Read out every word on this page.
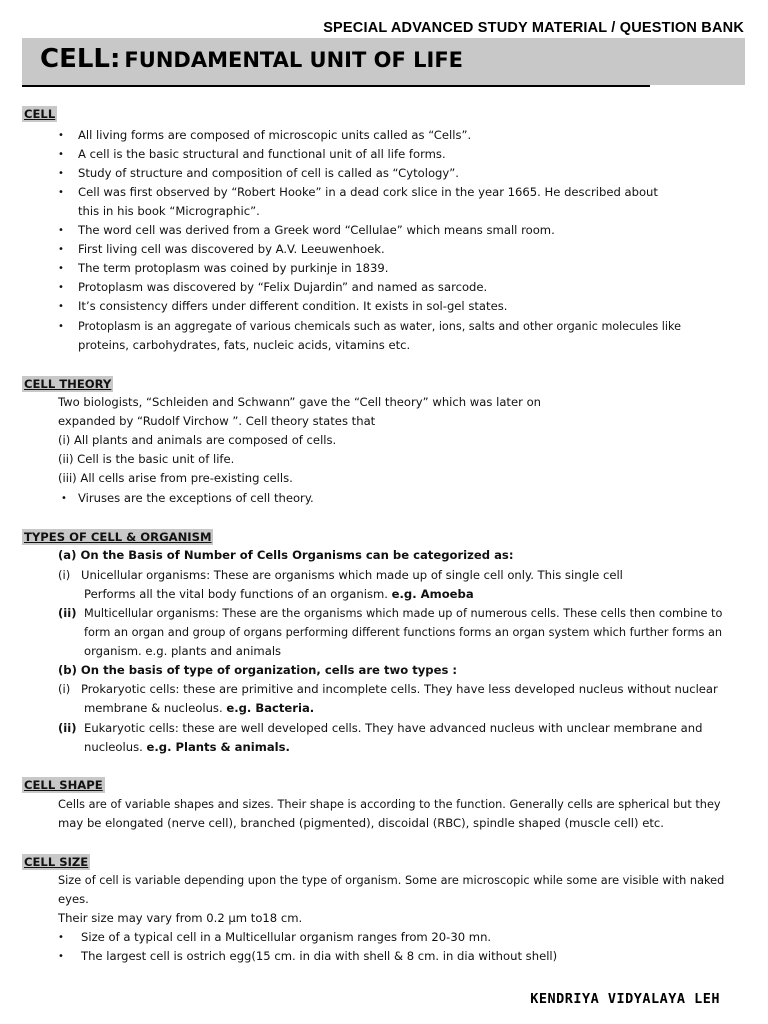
SPECIAL ADVANCED STUDY MATERIAL / QUESTION BANK
CELL: FUNDAMENTAL UNIT OF LIFE
CELL
• All living forms are composed of microscopic units called as “Cells”.
• A cell is the basic structural and functional unit of all life forms.
• Study of structure and composition of cell is called as “Cytology”.
• Cell was first observed by “Robert Hooke” in a dead cork slice in the year 1665. He described about
this in his book “Micrographic”.
• The word cell was derived from a Greek word “Cellulae” which means small room.
• First living cell was discovered by A.V. Leeuwenhoek.
• The term protoplasm was coined by purkinje in 1839.
• Protoplasm was discovered by “Felix Dujardin” and named as sarcode.
• It’s consistency differs under different condition. It exists in sol-gel states.
• Protoplasm is an aggregate of various chemicals such as water, ions, salts and other organic molecules like
proteins, carbohydrates, fats, nucleic acids, vitamins etc.
CELL THEORY
Two biologists, “Schleiden and Schwann” gave the “Cell theory” which was later on
expanded by “Rudolf Virchow ”. Cell theory states that
(i) All plants and animals are composed of cells.
(ii) Cell is the basic unit of life.
(iii) All cells arise from pre-existing cells.
• Viruses are the exceptions of cell theory.
TYPES OF CELL & ORGANISM
(a) On the Basis of Number of Cells Organisms can be categorized as:
(i) Unicellular organisms: These are organisms which made up of single cell only. This single cell
Performs all the vital body functions of an organism. e.g. Amoeba
(ii) Multicellular organisms: These are the organisms which made up of numerous cells. These cells then combine to
form an organ and group of organs performing different functions forms an organ system which further forms an
organism. e.g. plants and animals
(b) On the basis of type of organization, cells are two types :
(i) Prokaryotic cells: these are primitive and incomplete cells. They have less developed nucleus without nuclear
membrane & nucleolus. e.g. Bacteria.
(ii) Eukaryotic cells: these are well developed cells. They have advanced nucleus with unclear membrane and
nucleolus. e.g. Plants & animals.
CELL SHAPE
Cells are of variable shapes and sizes. Their shape is according to the function. Generally cells are spherical but they
may be elongated (nerve cell), branched (pigmented), discoidal (RBC), spindle shaped (muscle cell) etc.
CELL SIZE
Size of cell is variable depending upon the type of organism. Some are microscopic while some are visible with naked
eyes.
Their size may vary from 0.2 µm to18 cm.
• Size of a typical cell in a Multicellular organism ranges from 20-30 mn.
• The largest cell is ostrich egg(15 cm. in dia with shell & 8 cm. in dia without shell)
KENDRIYA VIDYALAYA LEH
